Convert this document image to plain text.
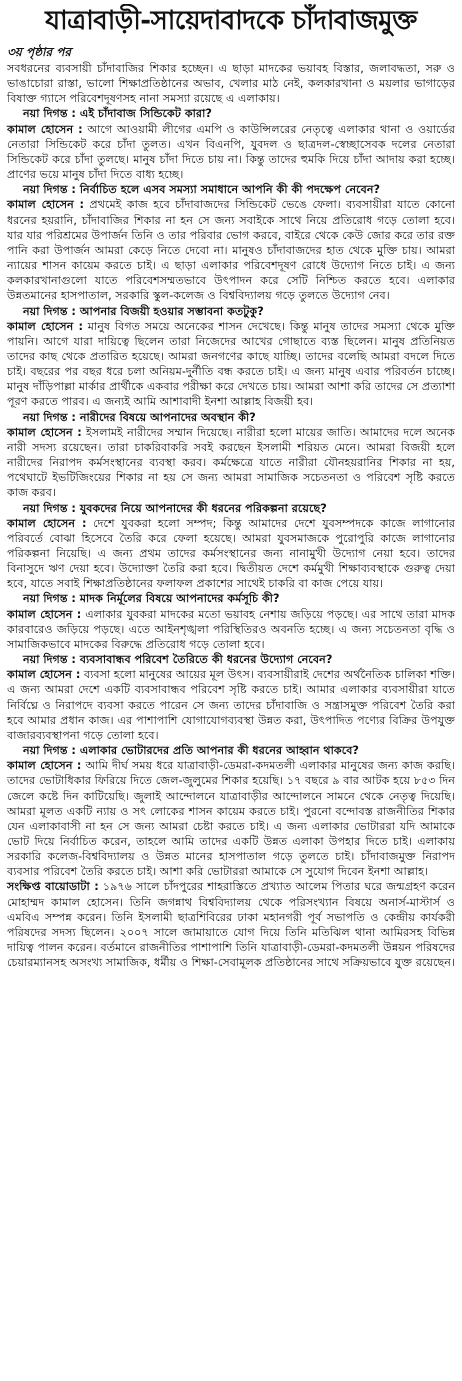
যাত্রাবাড়ী-সায়েদাবাদকে চাঁদাবাজমুক্ত
৩য় পৃষ্ঠার পর

সবধরনের ব্যবসায়ী চাঁদাবাজির শিকার হচ্ছেন। এ ছাড়া মাদকের ভয়াবহ বিস্তার, জলাবদ্ধতা, সরু ও ভাঙাচোরা রাস্তা, ভালো শিক্ষাপ্রতিষ্ঠানের অভাব, খেলার মাঠ নেই, কলকারখানা ও ময়লার ভাগাড়ের বিষাক্ত গ্যাসে পরিবেশদূষণসহ নানা সমস্যা রয়েছে এ এলাকায়।

নয়া দিগন্ত : এই চাঁদাবাজ সিন্ডিকেট কারা?

কামাল হোসেন : আগে আওয়ামী লীগের এমপি ও কাউন্সিলরের নেতৃত্বে এলাকার থানা ও ওয়ার্ডের নেতারা সিন্ডিকেট করে চাঁদা তুলত। এখন বিএনপি, যুবদল ও ছাত্রদল-স্বেচ্ছাসেবক দলের নেতারা সিন্ডিকেট করে চাঁদা তুলছে। মানুষ চাঁদা দিতে চায় না। কিন্তু তাদের হুমকি দিয়ে চাঁদা আদায় করা হচ্ছে। প্রাণের ভয়ে মানুষ চাঁদা দিতে বাধ্য হচ্ছে।

নয়া দিগন্ত : নির্বাচিত হলে এসব সমস্যা সমাধানে আপনি কী কী পদক্ষেপ নেবেন?

কামাল হোসেন : প্রথমেই কাজ হবে চাঁদাবাজদের সিন্ডিকেট ভেঙে ফেলা। ব্যবসায়ীরা যাতে কোনো ধরনের হয়রানি, চাঁদাবাজির শিকার না হন সে জন্য সবাইকে সাথে নিয়ে প্রতিরোধ গড়ে তোলা হবে। যার যার পরিশ্রমের উপার্জন তিনি ও তার পরিবার ভোগ করবে, বাইরে থেকে কেউ জোর করে তার রক্ত পানি করা উপার্জন আমরা কেড়ে নিতে দেবো না। মানুষও চাঁদাবাজদের হাত থেকে মুক্তি চায়। আমরা ন্যায়ের শাসন কায়েম করতে চাই। এ ছাড়া এলাকার পরিবেশদূষণ রোধে উদ্যোগ নিতে চাই। এ জন্য কলকারখানাগুলো যাতে পরিবেশসম্মতভাবে উৎপাদন করে সেটি নিশ্চিত করতে হবে। এলাকার উন্নতমানের হাসপাতাল, সরকারি স্কুল-কলেজ ও বিশ্ববিদ্যালয় গড়ে তুলতে উদ্যোগ নেব।

নয়া দিগন্ত : আপনার বিজয়ী হওয়ার সম্ভাবনা কতটুকু?

কামাল হোসেন : মানুষ বিগত সময়ে অনেকের শাসন দেখেছে। কিন্তু মানুষ তাদের সমস্যা থেকে মুক্তি পায়নি। আগে যারা দায়িত্বে ছিলেন তারা নিজেদের আখের গোছাতে ব্যস্ত ছিলেন। মানুষ প্রতিনিয়ত তাদের কাছ থেকে প্রতারিত হয়েছে। আমরা জনগণের কাছে যাচ্ছি। তাদের বলেছি আমরা বদলে দিতে চাই। বছরের পর বছর ধরে চলা অনিয়ম-দুর্নীতি বন্ধ করতে চাই। এ জন্য মানুষ এবার পরিবর্তন চাচ্ছে। মানুষ দাঁড়িপাল্লা মার্কার প্রার্থীকে একবার পরীক্ষা করে দেখতে চায়। আমরা আশা করি তাদের সে প্রত্যাশা পূরণ করতে পারব। এ জন্যই আমি আশাবাদী ইনশা আল্লাহ বিজয়ী হব।

নয়া দিগন্ত : নারীদের বিষয়ে আপনাদের অবস্থান কী?

কামাল হোসেন : ইসলামই নারীদের সম্মান দিয়েছে। নারীরা হলো মায়ের জাতি। আমাদের দলে অনেক নারী সদস্য রয়েছেন। তারা চাকরিবাকরি সবই করছেন ইসলামী শরিয়ত মেনে। আমরা বিজয়ী হলে নারীদের নিরাপদ কর্মসংস্থানের ব্যবস্থা করব। কর্মক্ষেত্রে যাতে নারীরা যৌনহয়রানির শিকার না হয়, পথেঘাটে ইভটিজিংয়ের শিকার না হয় সে জন্য আমরা সামাজিক সচেতনতা ও পরিবেশ সৃষ্টি করতে কাজ করব।

নয়া দিগন্ত : যুবকদের নিয়ে আপনাদের কী ধরনের পরিকল্পনা রয়েছে?

কামাল হোসেন : দেশে যুবকরা হলো সম্পদ; কিন্তু আমাদের দেশে যুবসম্পদকে কাজে লাগানোর পরিবর্তে বোঝা হিসেবে তৈরি করে ফেলা হয়েছে। আমরা যুবসমাজকে পুরোপুরি কাজে লাগানোর পরিকল্পনা নিয়েছি। এ জন্য প্রথম তাদের কর্মসংস্থানের জন্য নানামুখী উদ্যোগ নেয়া হবে। তাদের বিনাসুদে ঋণ দেয়া হবে। উদ্যোক্তা তৈরি করা হবে। দ্বিতীয়ত দেশে কর্মমুখী শিক্ষাব্যবস্থাকে গুরুত্ব দেয়া হবে, যাতে সবাই শিক্ষাপ্রতিষ্ঠানের ফলাফল প্রকাশের সাথেই চাকরি বা কাজ পেয়ে যায়।

নয়া দিগন্ত : মাদক নির্মূলের বিষয়ে আপনাদের কর্মসূচি কী?

কামাল হোসেন : এলাকার যুবকরা মাদকের মতো ভয়াবহ নেশায় জড়িয়ে পড়ছে। এর সাথে তারা মাদক কারবারেও জড়িয়ে পড়ছে। এতে আইনশৃঙ্খলা পরিস্থিতিরও অবনতি হচ্ছে। এ জন্য সচেতনতা বৃদ্ধি ও সামাজিকভাবে মাদকের বিরুদ্ধে প্রতিরোধ গড়ে তোলা হবে।

নয়া দিগন্ত : ব্যবসাবান্ধব পরিবেশ তৈরিতে কী ধরনের উদ্যোগ নেবেন?

কামাল হোসেন : ব্যবসা হলো মানুষের আয়ের মূল উৎস। ব্যবসায়ীরাই দেশের অর্থনৈতিক চালিকা শক্তি। এ জন্য আমরা দেশে একটি ব্যবসাবান্ধব পরিবেশ সৃষ্টি করতে চাই। আমার এলাকার ব্যবসায়ীরা যাতে নির্বিঘ্নে ও নিরাপদে ব্যবসা করতে পারেন সে জন্য তাদের চাঁদাবাজি ও সন্ত্রাসমুক্ত পরিবেশ তৈরি করা হবে আমার প্রধান কাজ। এর পাশাপাশি যোগাযোগব্যবস্থা উন্নত করা, উৎপাদিত পণ্যের বিক্রির উপযুক্ত বাজারব্যবস্থাপনা গড়ে তোলা হবে।

নয়া দিগন্ত : এলাকার ভোটারদের প্রতি আপনার কী ধরনের আহ্বান থাকবে?

কামাল হোসেন : আমি দীর্ঘ সময় ধরে যাত্রাবাড়ী-ডেমরা-কদমতলী এলাকার মানুষের জন্য কাজ করছি। তাদের ভোটাধিকার ফিরিয়ে দিতে জেল-জুলুমের শিকার হয়েছি। ১৭ বছরে ৯ বার আটক হয়ে ৮৫৩ দিন জেলে কষ্টে দিন কাটিয়েছি। জুলাই আন্দোলনে যাত্রাবাড়ীর আন্দোলনে সামনে থেকে নেতৃত্ব দিয়েছি। আমরা মূলত একটি ন্যায় ও সৎ লোকের শাসন কায়েম করতে চাই। পুরনো বন্দোবস্ত রাজনীতির শিকার যেন এলাকাবাসী না হন সে জন্য আমরা চেষ্টা করতে চাই। এ জন্য এলাকার ভোটাররা যদি আমাকে ভোট দিয়ে নির্বাচিত করেন, তাহলে আমি তাদের একটি উন্নত এলাকা উপহার দিতে চাই। এলাকায় সরকারি কলেজ-বিশ্ববিদ্যালয় ও উন্নত মানের হাসপাতাল গড়ে তুলতে চাই। চাঁদাবাজমুক্ত নিরাপদ ব্যবসার পরিবেশ তৈরি করতে চাই। আশা করি ভোটাররা আমাকে সে সুযোগ দিবেন ইনশা আল্লাহ।

সংক্ষিপ্ত বায়োডাটা : ১৯৭৬ সালে চাঁদপুরের শাহরাস্তিতে প্রখ্যাত আলেম পিতার ঘরে জন্মগ্রহণ করেন মোহাম্মদ কামাল হোসেন। তিনি জগন্নাথ বিশ্ববিদ্যালয় থেকে পরিসংখ্যান বিষয়ে অনার্স-মাস্টার্স ও এমবিএ সম্পন্ন করেন। তিনি ইসলামী ছাত্রশিবিরের ঢাকা মহানগরী পূর্ব সভাপতি ও কেন্দ্রীয় কার্যকরী পরিষদের সদস্য ছিলেন। ২০০৭ সালে জামায়াতে যোগ দিয়ে তিনি মতিঝিল থানা আমিরসহ বিভিন্ন দায়িত্ব পালন করেন। বর্তমানে রাজনীতির পাশাপাশি তিনি যাত্রাবাড়ী-ডেমরা-কদমতলী উন্নয়ন পরিষদের চেয়ারম্যানসহ অসংখ্য সামাজিক, ধর্মীয় ও শিক্ষা-সেবামূলক প্রতিষ্ঠানের সাথে সক্রিয়ভাবে যুক্ত রয়েছেন।
